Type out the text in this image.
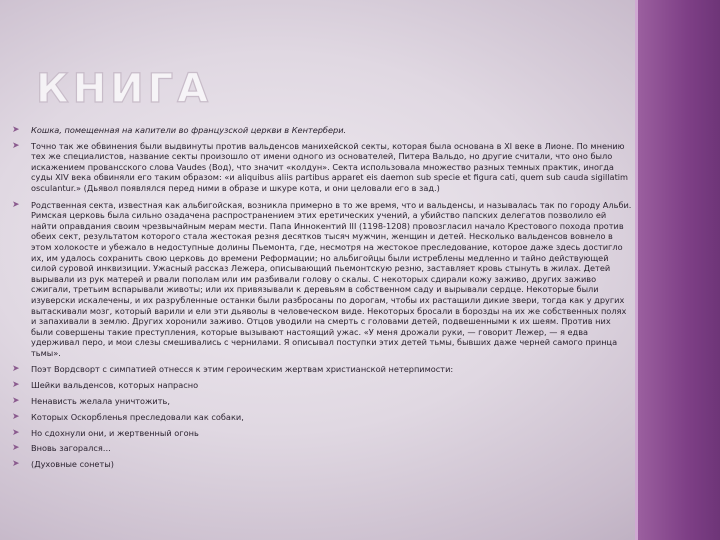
КНИГА
➤ Кошка, помещенная на капители во французской церкви в Кентербери.
➤	Точно так же обвинения были выдвинуты против вальденсов манихейской секты, которая была основана в XI веке в Лионе. По мнению тех же специалистов, название секты произошло от имени одного из основателей, Питера Вальдо, но другие считали, что оно было искажением провансского слова Vaudes (Вод), что значит «колдун». Секта использовала множество разных темных практик, иногда суды XIV века обвиняли его таким образом: «и aliquibus aliis partibus apparet eis daemon sub specie et figura cati, quem sub cauda sigillatim osculantur.» (Дьявол появлялся перед ними в образе и шкуре кота, и они целовали его в зад.)
➤ Родственная секта, известная как альбигойская, возникла примерно в то же время, что и вальденсы, и называлась так по городу Альби. Римская церковь была сильно озадачена распространением этих еретических учений, а убийство папских делегатов позволило ей найти оправдания своим чрезвычайным мерам мести. Папа Иннокентий III (1198-1208) провозгласил начало Крестового похода против обеих сект, результатом которого стала жестокая резня десятков тысяч мужчин, женщин и детей. Несколько вальденсов вовнело в этом холокосте и убежало в недоступные долины Пьемонта, где, несмотря на жестокое преследование, которое даже здесь достигло их, им удалось сохранить свою церковь до времени Реформации; но альбигойцы были истреблены медленно и тайно действующей силой суровой инквизиции. Ужасный рассказ Лежера, описывающий пьемонтскую резню, заставляет кровь стынуть в жилах. Детей вырывали из рук матерей и рвали пополам или им разбивали голову о скалы. С некоторых сдирали кожу заживо, других заживо сжигали, третьим вспарывали животы; или их привязывали к деревьям в собственном саду и вырывали сердце. Некоторые были изуверски искалечены, и их разрубленные останки были разбросаны по дорогам, чтобы их растащили дикие звери, тогда как у других вытаскивали мозг, который варили и ели эти дьяволы в человеческом виде. Некоторых бросали в борозды на их же собственных полях и запахивали в землю. Других хоронили заживо. Отцов уводили на смерть с головами детей, подвешенными к их шеям. Против них были совершены такие преступления, которые вызывают настоящий ужас. «У меня дрожали руки, — говорит Лежер, — я едва удерживал перо, и мои слезы смешивались с чернилами. Я описывал поступки этих детей тьмы, бывших даже черней самого принца тьмы».
➤ Поэт Вордсворт с симпатией отнесся к этим героическим жертвам христианской нетерпимости:
➤ Шейки вальденсов, которых напрасно
➤ Ненависть желала уничтожить,
➤ Которых Оскорбленья преследовали как собаки,
➤ Но сдохнули они, и жертвенный огонь
➤ Вновь загорался…
➤ (Духовные сонеты)
